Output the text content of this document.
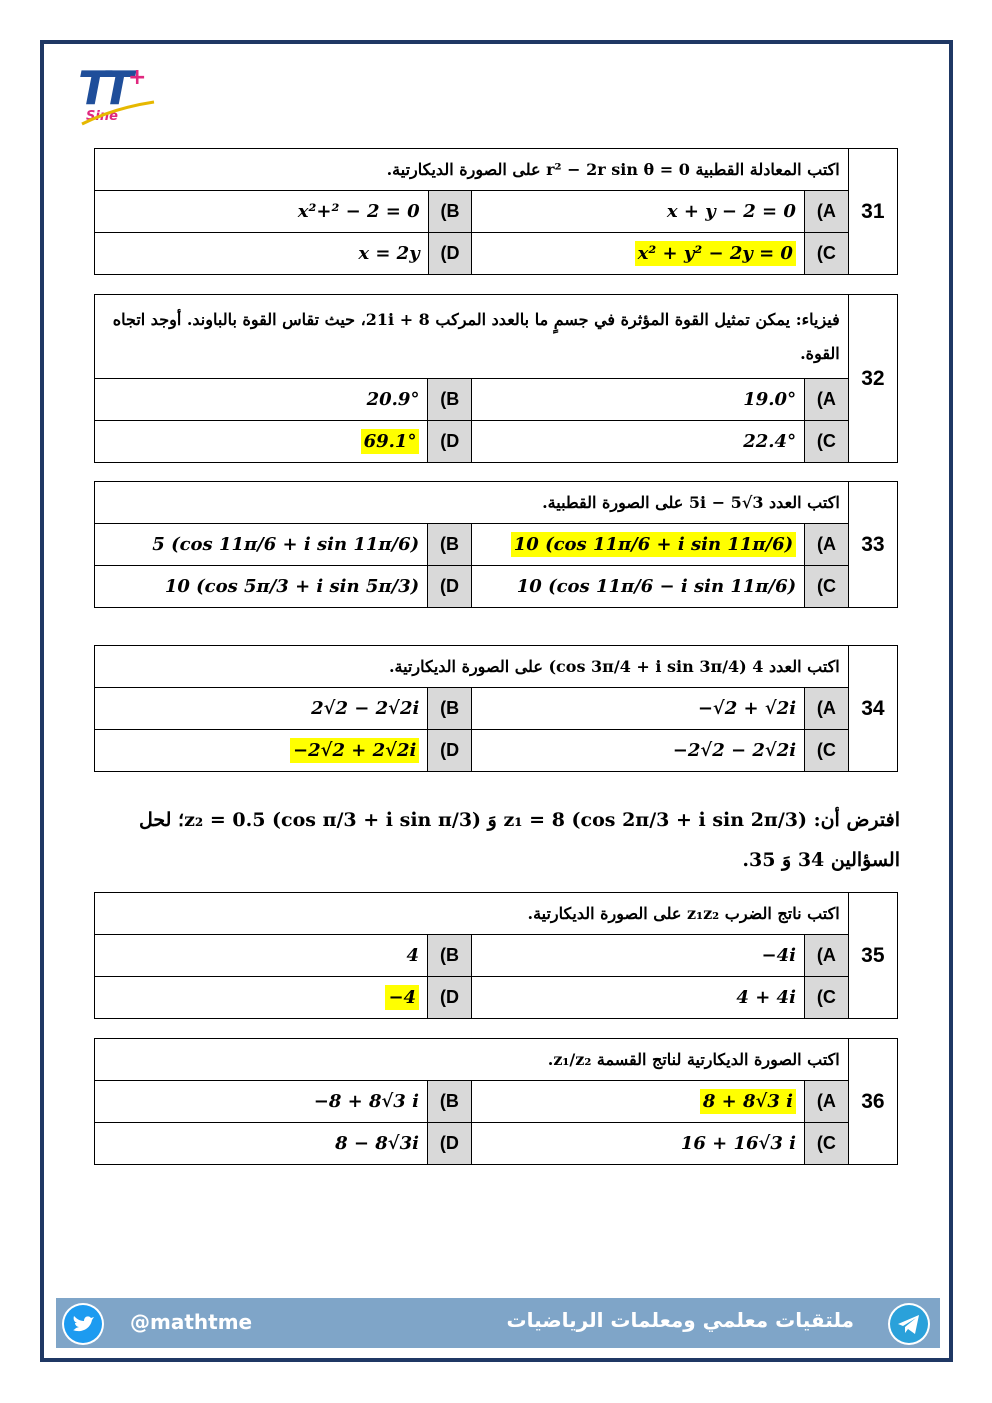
T
T
+
Sine
31	اكتب المعادلة القطبية r² − 2r sin θ = 0 على الصورة الديكارتية.			
	A)	x + y − 2 = 0	B)	x²+² − 2 = 0
	C)	x² + y² − 2y = 0	D)	x = 2y
32	فيزياء: يمكن تمثيل القوة المؤثرة في جسمٍ ما بالعدد المركب 21i + 8، حيث تقاس القوة بالباوند. أوجد اتجاه القوة.			
	A)	19.0°	B)	20.9°
	C)	22.4°	D)	69.1°
33	اكتب العدد 5i − 5√3 على الصورة القطبية.			
	A)	10 (cos 11π/6 + i sin 11π/6)	B)	5 (cos 11π/6 + i sin 11π/6)
	C)	10 (cos 11π/6 − i sin 11π/6)	D)	10 (cos 5π/3 + i sin 5π/3)
34	اكتب العدد 4 (cos 3π/4 + i sin 3π/4) على الصورة الديكارتية.			
	A)	−√2 + √2i	B)	2√2 − 2√2i
	C)	−2√2 − 2√2i	D)	−2√2 + 2√2i
افترض أن: z₁ = 8 (cos 2π/3 + i sin 2π/3) وَ z₂ = 0.5 (cos π/3 + i sin π/3)؛ لحل
السؤالين 34 وَ 35.
35	اكتب ناتج الضرب z₁z₂ على الصورة الديكارتية.			
	A)	−4i	B)	4
	C)	4 + 4i	D)	−4
36	اكتب الصورة الديكارتية لناتج القسمة z₁/z₂.			
	A)	8 + 8√3 i	B)	−8 + 8√3 i
	C)	16 + 16√3 i	D)	8 − 8√3i
@mathtme	ملتقيات معلمي ومعلمات الرياضيات
